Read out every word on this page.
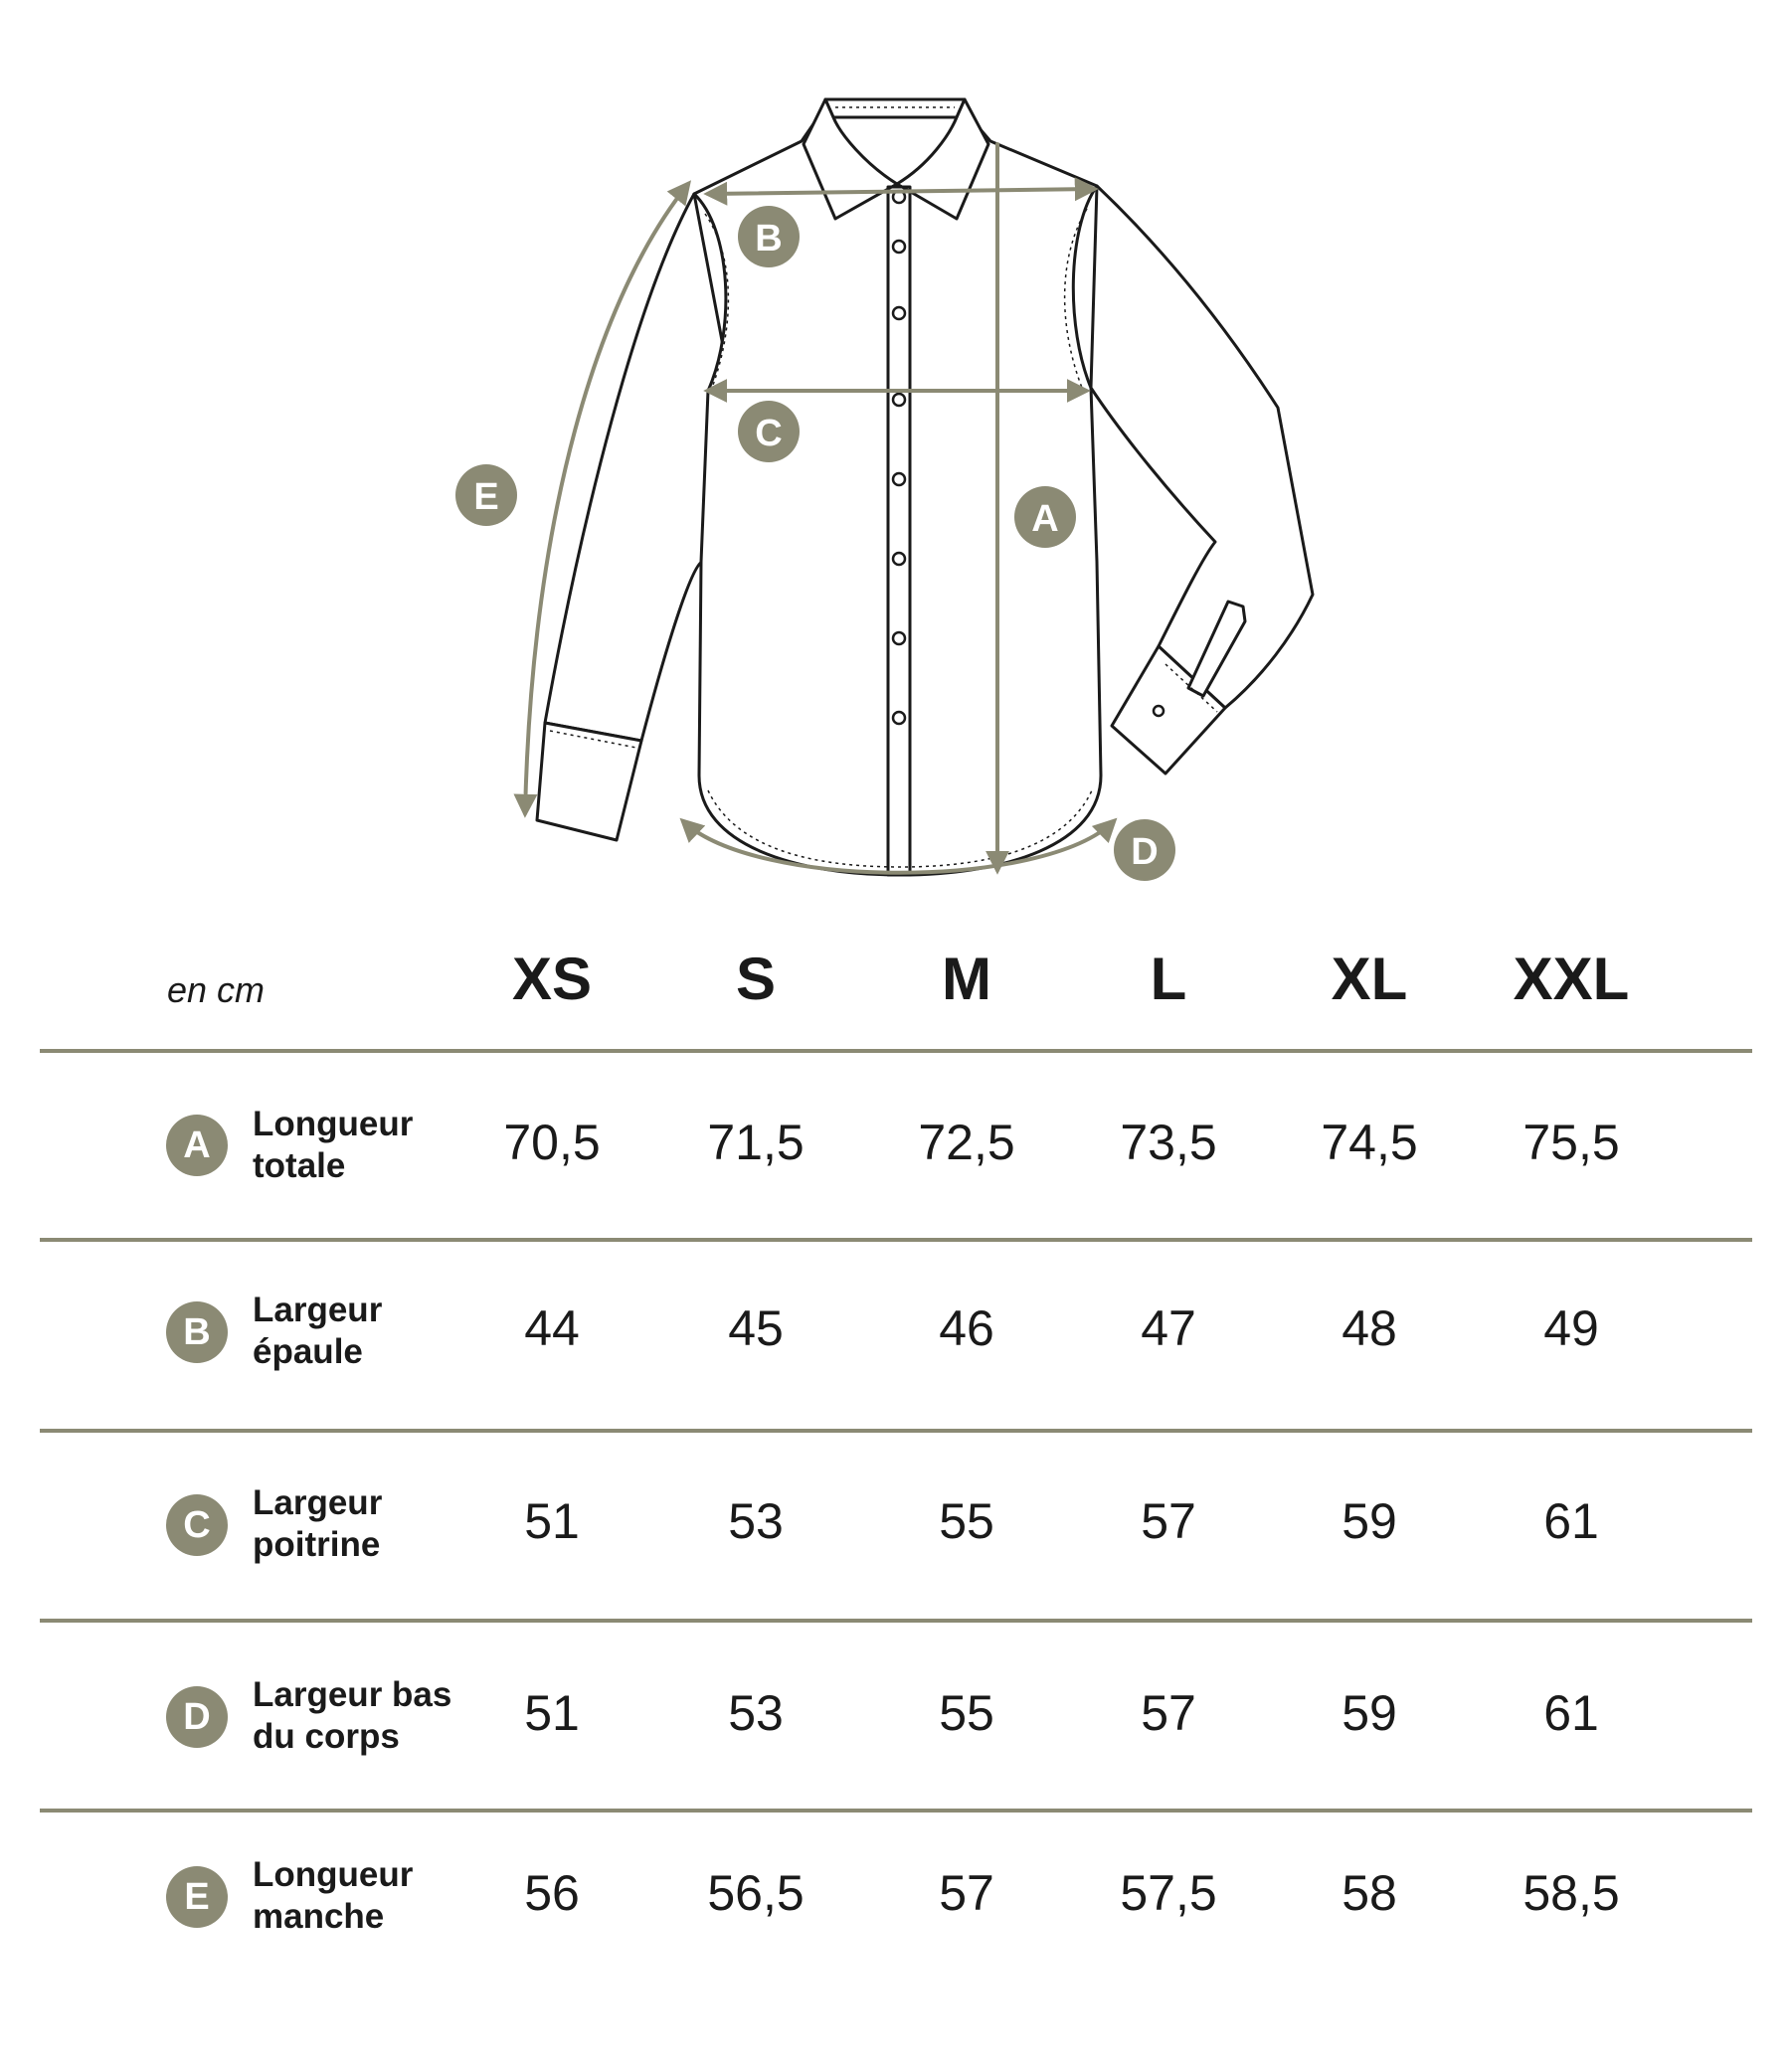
A
B
C
D
E
en cm	XS	S	M	L	XL	XXL
A
Longueur
totale	70,5	71,5	72,5	73,5	74,5	75,5
B
Largeur
épaule	44	45	46	47	48	49
C
Largeur
poitrine	51	53	55	57	59	61
D
Largeur bas
du corps	51	53	55	57	59	61
E
Longueur
manche	56	56,5	57	57,5	58	58,5
